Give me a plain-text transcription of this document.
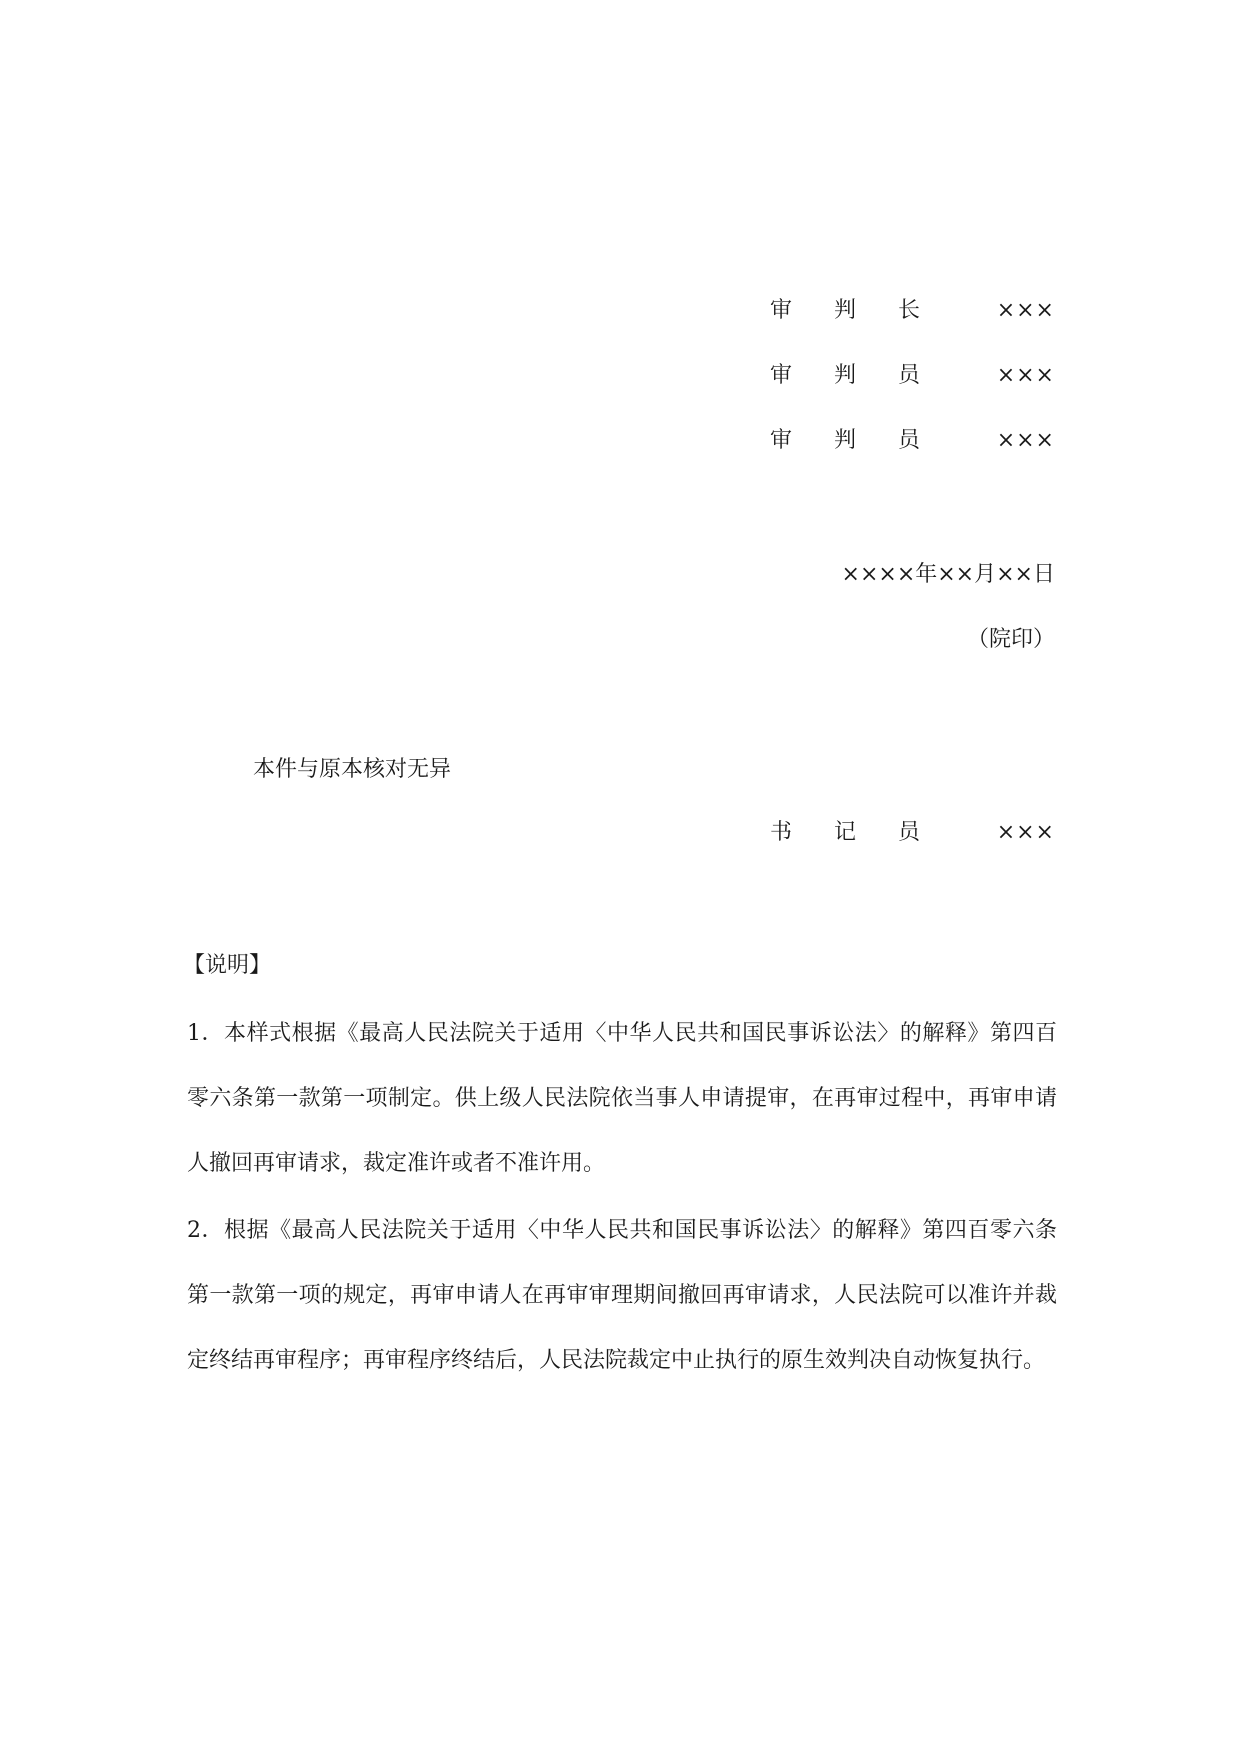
审 判 长	×××
审 判 员	×××
审 判 员	×××
××××年××月××日
（院印）
本件与原本核对无异
书 记 员	×××
【说明】
1．本样式根据《最高人民法院关于适用〈中华人民共和国民事诉讼法〉的解释》第四百零六条第一款第一项制定。供上级人民法院依当事人申请提审，在再审过程中，再审申请人撤回再审请求，裁定准许或者不准许用。
2．根据《最高人民法院关于适用〈中华人民共和国民事诉讼法〉的解释》第四百零六条第一款第一项的规定，再审申请人在再审审理期间撤回再审请求，人民法院可以准许并裁定终结再审程序；再审程序终结后，人民法院裁定中止执行的原生效判决自动恢复执行。
